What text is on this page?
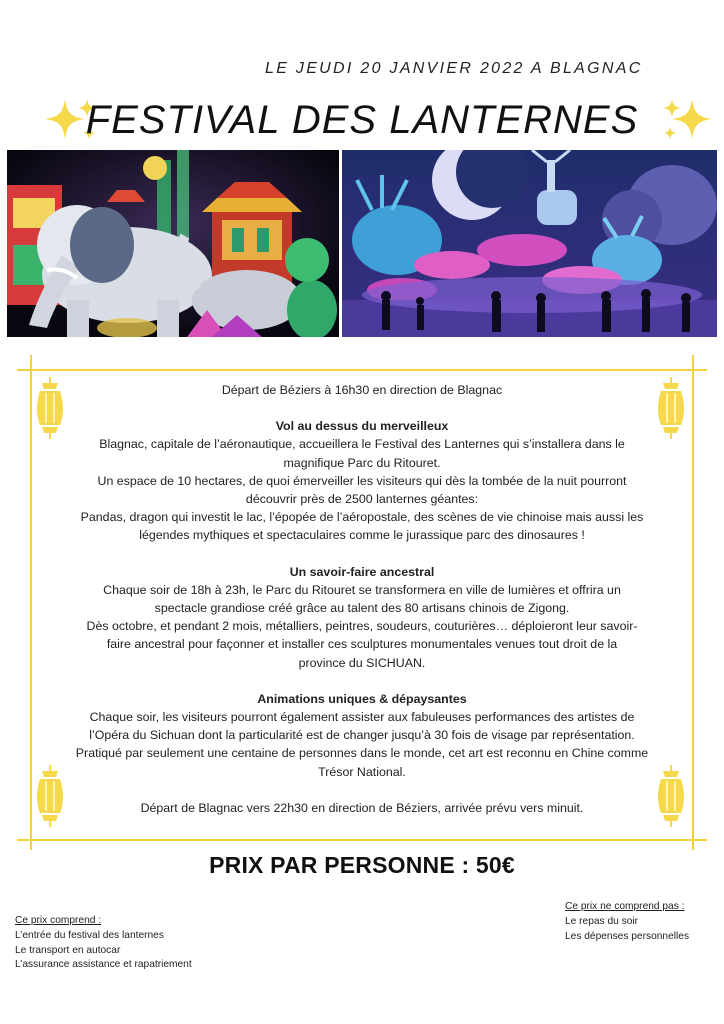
LE JEUDI 20 JANVIER 2022 A BLAGNAC
FESTIVAL DES LANTERNES

Départ de Béziers à 16h30 en direction de Blagnac

Vol au dessus du merveilleux

Blagnac, capitale de l’aéronautique, accueillera le Festival des Lanternes qui s’installera dans le

magnifique Parc du Ritouret.

Un espace de 10 hectares, de quoi émerveiller les visiteurs qui dès la tombée de la nuit pourront

découvrir près de 2500 lanternes géantes:

Pandas, dragon qui investit le lac, l’épopée de l’aéropostale, des scènes de vie chinoise mais aussi les

légendes mythiques et spectaculaires comme le jurassique parc des dinosaures !

Un savoir-faire ancestral

Chaque soir de 18h à 23h, le Parc du Ritouret se transformera en ville de lumières et offrira un

spectacle grandiose créé grâce au talent des 80 artisans chinois de Zigong.

Dès octobre, et pendant 2 mois, métalliers, peintres, soudeurs, couturières… déploieront leur savoir-

faire ancestral pour façonner et installer ces sculptures monumentales venues tout droit de la

province du SICHUAN.

Animations uniques & dépaysantes

Chaque soir, les visiteurs pourront également assister aux fabuleuses performances des artistes de

l’Opéra du Sichuan dont la particularité est de changer jusqu’à 30 fois de visage par représentation.

Pratiqué par seulement une centaine de personnes dans le monde, cet art est reconnu en Chine comme

Trésor National.

Départ de Blagnac vers 22h30 en direction de Béziers, arrivée prévu vers minuit.

PRIX PAR PERSONNE : 50€
Ce prix comprend :
L’entrée du festival des lanternes
Le transport en autocar
L’assurance assistance et rapatriement
Ce prix ne comprend pas :
Le repas du soir
Les dépenses personnelles
